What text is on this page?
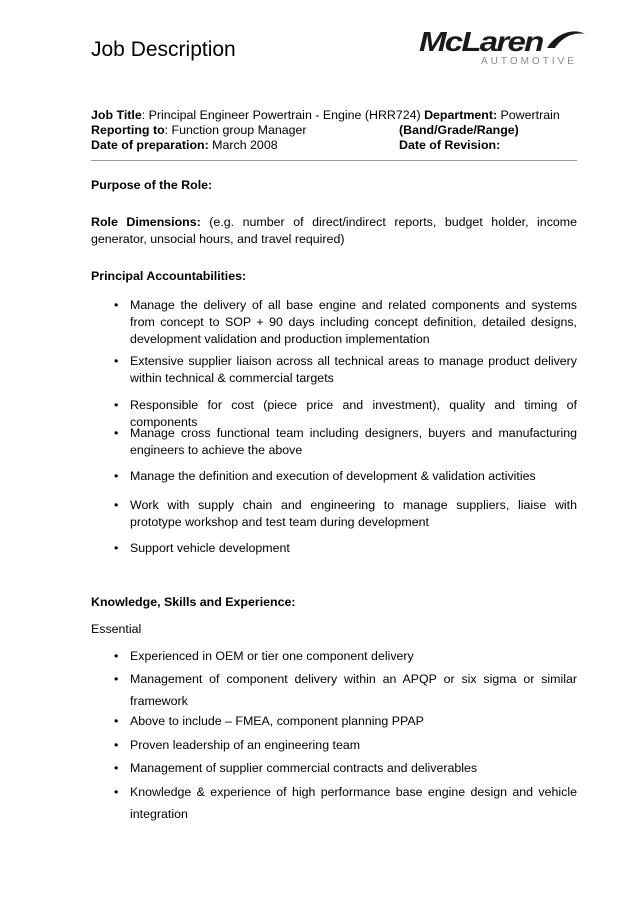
Job Description	McLaren
AUTOMOTIVE
Job Title: Principal Engineer Powertrain - Engine (HRR724) Department: Powertrain
Reporting to: Function group Manager	(Band/Grade/Range)
Date of preparation: March 2008	Date of Revision:
Purpose of the Role:
Role Dimensions: (e.g. number of direct/indirect reports, budget holder, income generator, unsocial hours, and travel required)
Principal Accountabilities:
• Manage the delivery of all base engine and related components and systems from concept to SOP + 90 days including concept definition, detailed designs, development validation and production implementation
• Extensive supplier liaison across all technical areas to manage product delivery within technical & commercial targets
• Responsible for cost (piece price and investment), quality and timing of components
• Manage cross functional team including designers, buyers and manufacturing engineers to achieve the above
• Manage the definition and execution of development & validation activities
• Work with supply chain and engineering to manage suppliers, liaise with prototype workshop and test team during development
• Support vehicle development
Knowledge, Skills and Experience:
Essential
• Experienced in OEM or tier one component delivery
• Management of component delivery within an APQP or six sigma or similar framework
• Above to include – FMEA, component planning PPAP
• Proven leadership of an engineering team
• Management of supplier commercial contracts and deliverables
• Knowledge & experience of high performance base engine design and vehicle integration
